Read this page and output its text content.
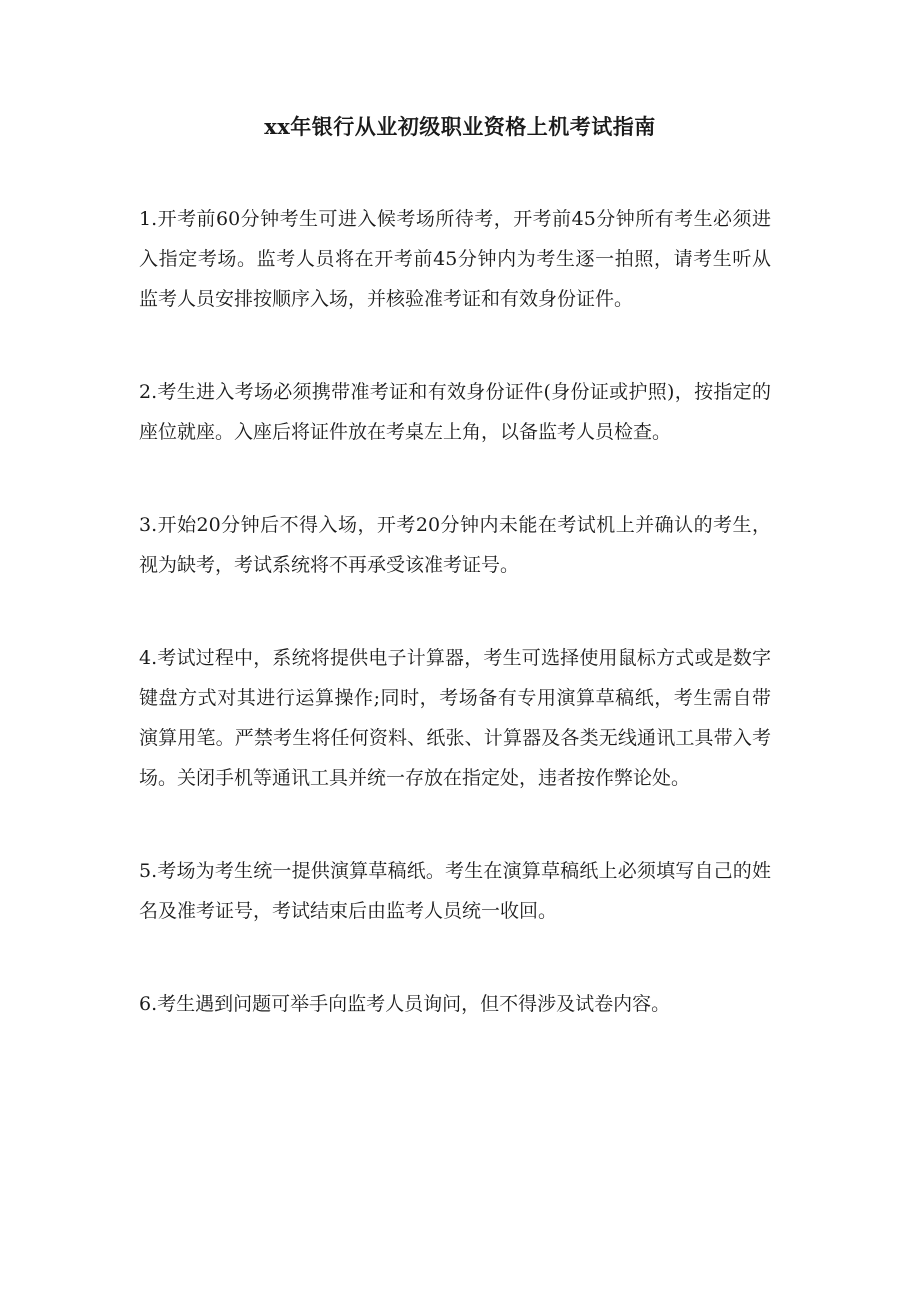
xx年银行从业初级职业资格上机考试指南

1.开考前60分钟考生可进入候考场所待考，开考前45分钟所有考生必须进入指定考场。监考人员将在开考前45分钟内为考生逐一拍照，请考生听从监考人员安排按顺序入场，并核验准考证和有效身份证件。

2.考生进入考场必须携带准考证和有效身份证件(身份证或护照)，按指定的座位就座。入座后将证件放在考桌左上角，以备监考人员检查。

3.开始20分钟后不得入场，开考20分钟内未能在考试机上并确认的考生，视为缺考，考试系统将不再承受该准考证号。

4.考试过程中，系统将提供电子计算器，考生可选择使用鼠标方式或是数字键盘方式对其进行运算操作;同时，考场备有专用演算草稿纸，考生需自带演算用笔。严禁考生将任何资料、纸张、计算器及各类无线通讯工具带入考场。关闭手机等通讯工具并统一存放在指定处，违者按作弊论处。

5.考场为考生统一提供演算草稿纸。考生在演算草稿纸上必须填写自己的姓名及准考证号，考试结束后由监考人员统一收回。

6.考生遇到问题可举手向监考人员询问，但不得涉及试卷内容。
